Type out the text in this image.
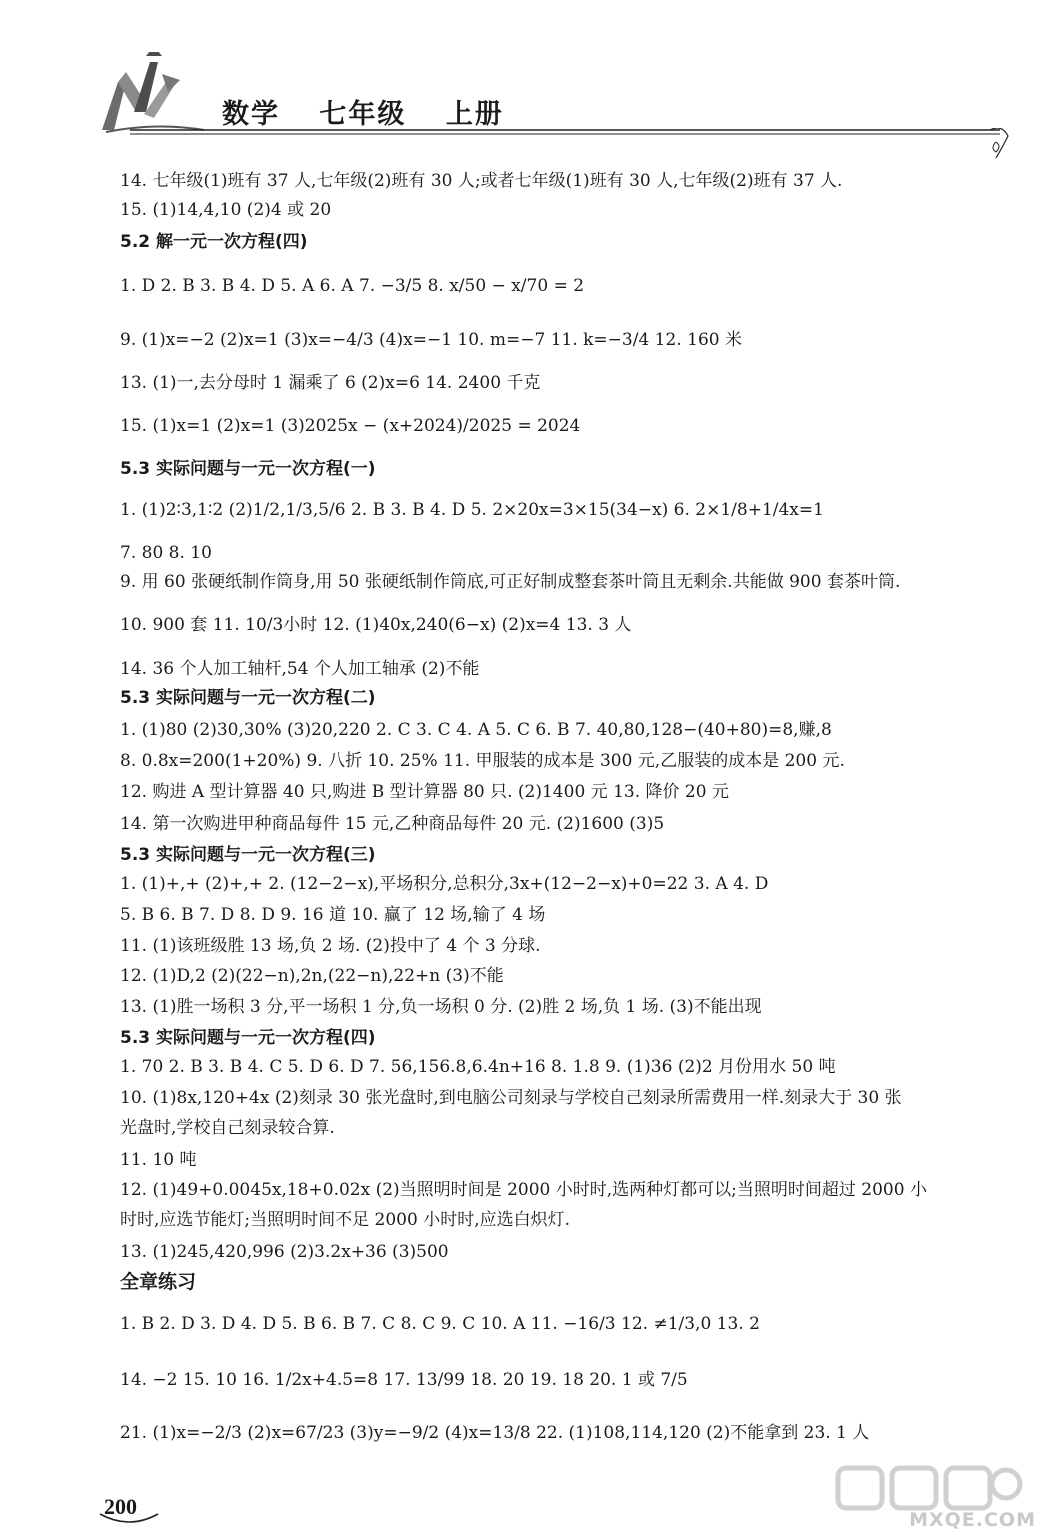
数学 七年级 上册
14. 七年级(1)班有 37 人,七年级(2)班有 30 人;或者七年级(1)班有 30 人,七年级(2)班有 37 人.
15. (1)14,4,10 (2)4 或 20
5.2 解一元一次方程(四)
1. D 2. B 3. B 4. D 5. A 6. A 7. −3/5 8. x/50 − x/70 = 2
9. (1)x=−2 (2)x=1 (3)x=−4/3 (4)x=−1 10. m=−7 11. k=−3/4 12. 160 米
13. (1)一,去分母时 1 漏乘了 6 (2)x=6 14. 2400 千克
15. (1)x=1 (2)x=1 (3)2025x − (x+2024)/2025 = 2024
5.3 实际问题与一元一次方程(一)
1. (1)2∶3,1∶2 (2)1/2,1/3,5/6 2. B 3. B 4. D 5. 2×20x=3×15(34−x) 6. 2×1/8+1/4x=1
7. 80 8. 10
9. 用 60 张硬纸制作筒身,用 50 张硬纸制作筒底,可正好制成整套茶叶筒且无剩余.共能做 900 套茶叶筒.
10. 900 套 11. 10/3小时 12. (1)40x,240(6−x) (2)x=4 13. 3 人
14. 36 个人加工轴杆,54 个人加工轴承 (2)不能
5.3 实际问题与一元一次方程(二)
1. (1)80 (2)30,30% (3)20,220 2. C 3. C 4. A 5. C 6. B 7. 40,80,128−(40+80)=8,赚,8
8. 0.8x=200(1+20%) 9. 八折 10. 25% 11. 甲服装的成本是 300 元,乙服装的成本是 200 元.
12. 购进 A 型计算器 40 只,购进 B 型计算器 80 只. (2)1400 元 13. 降价 20 元
14. 第一次购进甲种商品每件 15 元,乙种商品每件 20 元. (2)1600 (3)5
5.3 实际问题与一元一次方程(三)
1. (1)+,+ (2)+,+ 2. (12−2−x),平场积分,总积分,3x+(12−2−x)+0=22 3. A 4. D
5. B 6. B 7. D 8. D 9. 16 道 10. 赢了 12 场,输了 4 场
11. (1)该班级胜 13 场,负 2 场. (2)投中了 4 个 3 分球.
12. (1)D,2 (2)(22−n),2n,(22−n),22+n (3)不能
13. (1)胜一场积 3 分,平一场积 1 分,负一场积 0 分. (2)胜 2 场,负 1 场. (3)不能出现
5.3 实际问题与一元一次方程(四)
1. 70 2. B 3. B 4. C 5. D 6. D 7. 56,156.8,6.4n+16 8. 1.8 9. (1)36 (2)2 月份用水 50 吨
10. (1)8x,120+4x (2)刻录 30 张光盘时,到电脑公司刻录与学校自己刻录所需费用一样.刻录大于 30 张
光盘时,学校自己刻录较合算.
11. 10 吨
12. (1)49+0.0045x,18+0.02x (2)当照明时间是 2000 小时时,选两种灯都可以;当照明时间超过 2000 小
时时,应选节能灯;当照明时间不足 2000 小时时,应选白炽灯.
13. (1)245,420,996 (2)3.2x+36 (3)500
全章练习
1. B 2. D 3. D 4. D 5. B 6. B 7. C 8. C 9. C 10. A 11. −16/3 12. ≠1/3,0 13. 2
14. −2 15. 10 16. 1/2x+4.5=8 17. 13/99 18. 20 19. 18 20. 1 或 7/5
21. (1)x=−2/3 (2)x=67/23 (3)y=−9/2 (4)x=13/8 22. (1)108,114,120 (2)不能拿到 23. 1 人
200
MXQE.COM
